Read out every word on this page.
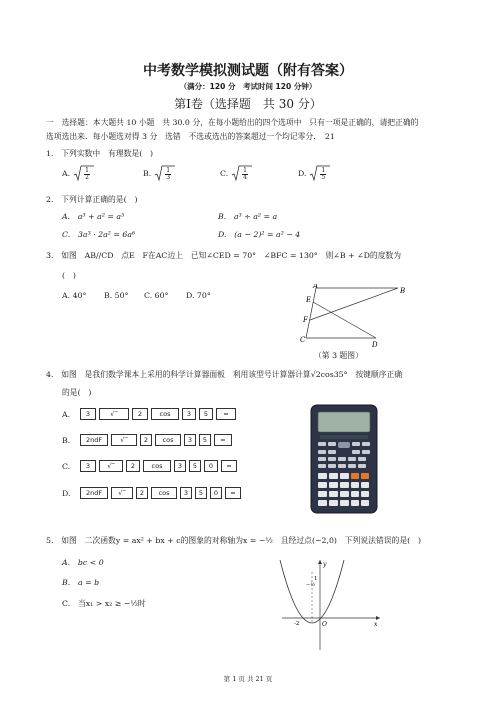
中考数学模拟测试题（附有答案）
（满分：120 分　考试时间 120 分钟）
第Ⅰ卷（选择题　共 30 分）
一　选择题：本大题共 10 小题　共 30.0 分，在每小题给出的四个选项中　只有一项是正确的，请把正确的
选项选出来．每小题选对得 3 分　选错　不选或选出的答案超过一个均记零分．　21
1.　下列实数中　有理数是(　)
A. $\frac{1}{2}$	B. $\frac{1}{3}$	C. $\frac{1}{4}$	D. $\frac{1}{5}$
2.　下列计算正确的是(　)
A.　a³ + a² = a⁵	B.　a³ ÷ a² = a
C.　3a³ · 2a² = 6a⁶	D.　(a − 2)² = a² − 4
3.　如图　AB//CD　点E　F在AC边上　已知∠CED = 70°　∠BFC = 130°　则∠B + ∠D的度数为
(　)
A. 40° B. 50° C. 60° D. 70°
A
B
E
F
C
D
（第 3 题图）
4.　如图　是我们数学课本上采用的科学计算器面板　利用该型号计算器计算√2cos35°　按键顺序正确
的是(　)
A.	3	√‾	2	cos	3	5	=
B.	2ndF	√‾	2	cos	3	5	=
C.	3	√‾	2	cos	3	5	0	=
D.	2ndF	√‾	2	cos	3	5	0	=
5.　如图　二次函数y = ax² + bx + c的图象的对称轴为x = −½　且经过点(−2,0)　下列说法错误的是(　)
A.　bc < 0
B.　a = b
C.　当x₁ > x₂ ≥ −½时
y
x
O
-2
−½
1
第 1 页 共 21 页
